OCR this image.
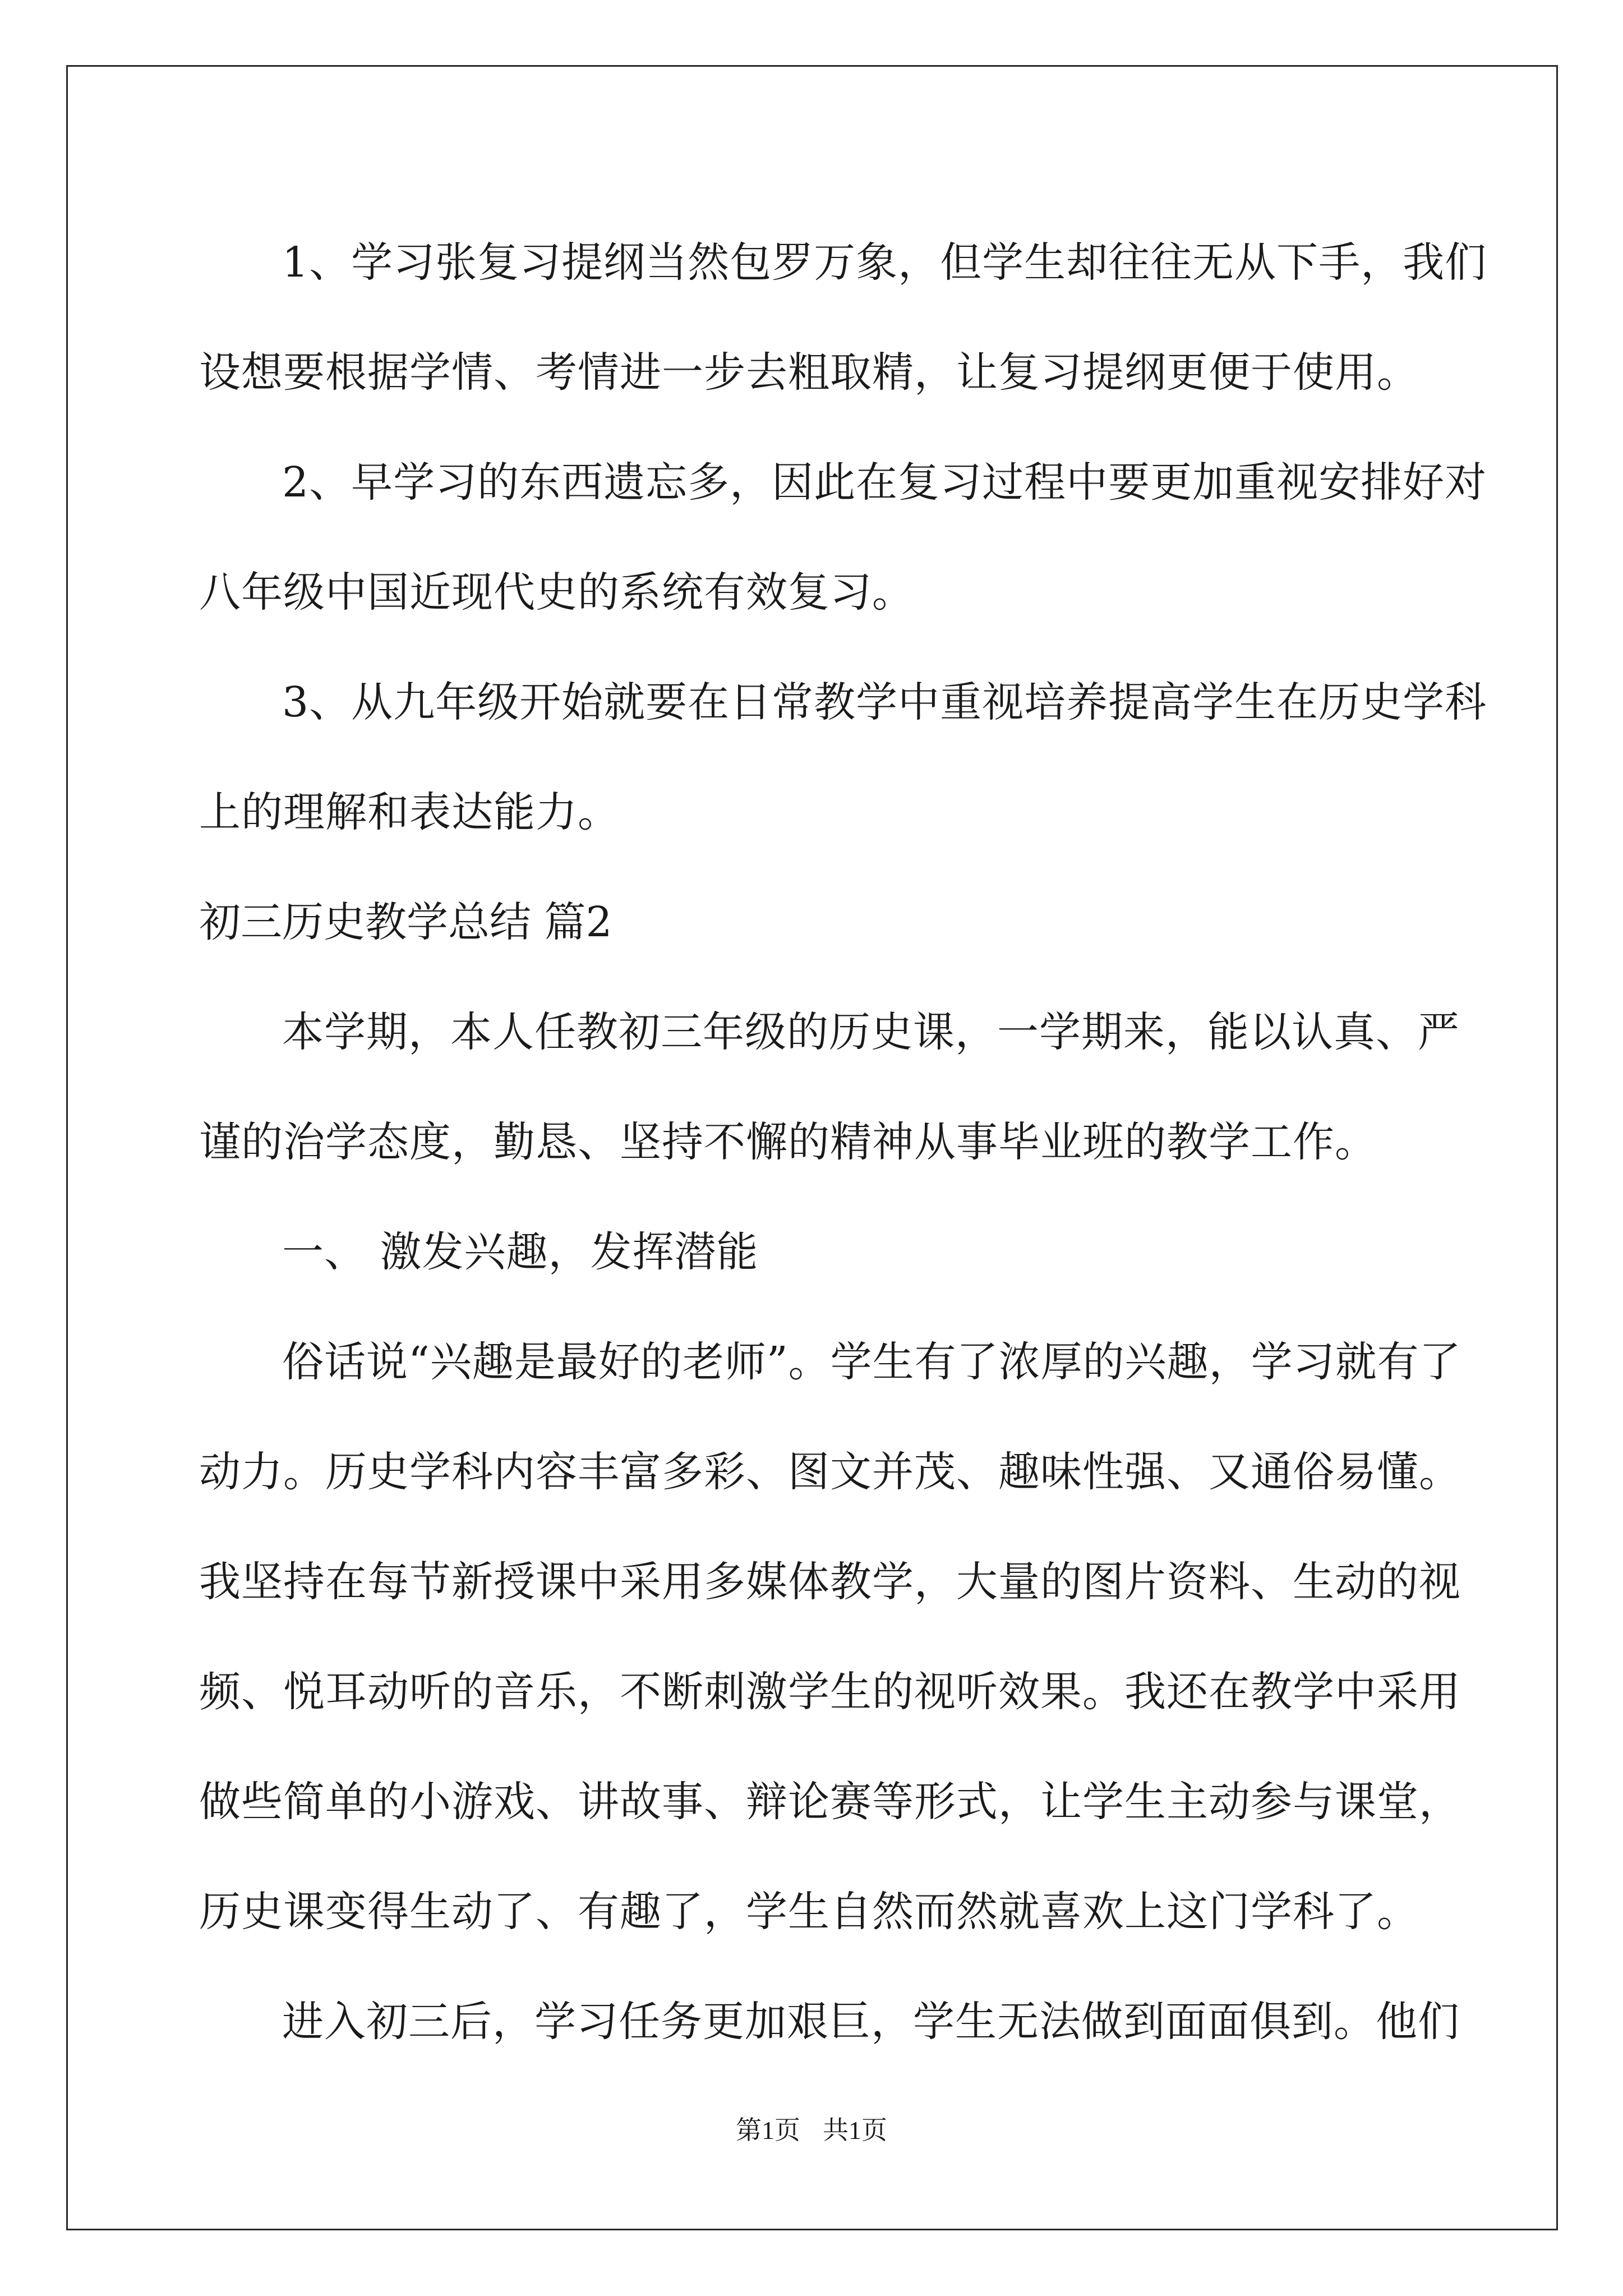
1、学习张复习提纲当然包罗万象，但学生却往往无从下手，我们
设想要根据学情、考情进一步去粗取精，让复习提纲更便于使用。
2、早学习的东西遗忘多，因此在复习过程中要更加重视安排好对
八年级中国近现代史的系统有效复习。
3、从九年级开始就要在日常教学中重视培养提高学生在历史学科
上的理解和表达能力。
初三历史教学总结 篇2
本学期，本人任教初三年级的历史课，一学期来，能以认真、严
谨的治学态度，勤恳、坚持不懈的精神从事毕业班的教学工作。
一、 激发兴趣，发挥潜能
俗话说“兴趣是最好的老师”。学生有了浓厚的兴趣，学习就有了
动力。历史学科内容丰富多彩、图文并茂、趣味性强、又通俗易懂。
我坚持在每节新授课中采用多媒体教学，大量的图片资料、生动的视
频、悦耳动听的音乐，不断刺激学生的视听效果。我还在教学中采用
做些简单的小游戏、讲故事、辩论赛等形式，让学生主动参与课堂，
历史课变得生动了、有趣了，学生自然而然就喜欢上这门学科了。
进入初三后，学习任务更加艰巨，学生无法做到面面俱到。他们
第1页 共1页
